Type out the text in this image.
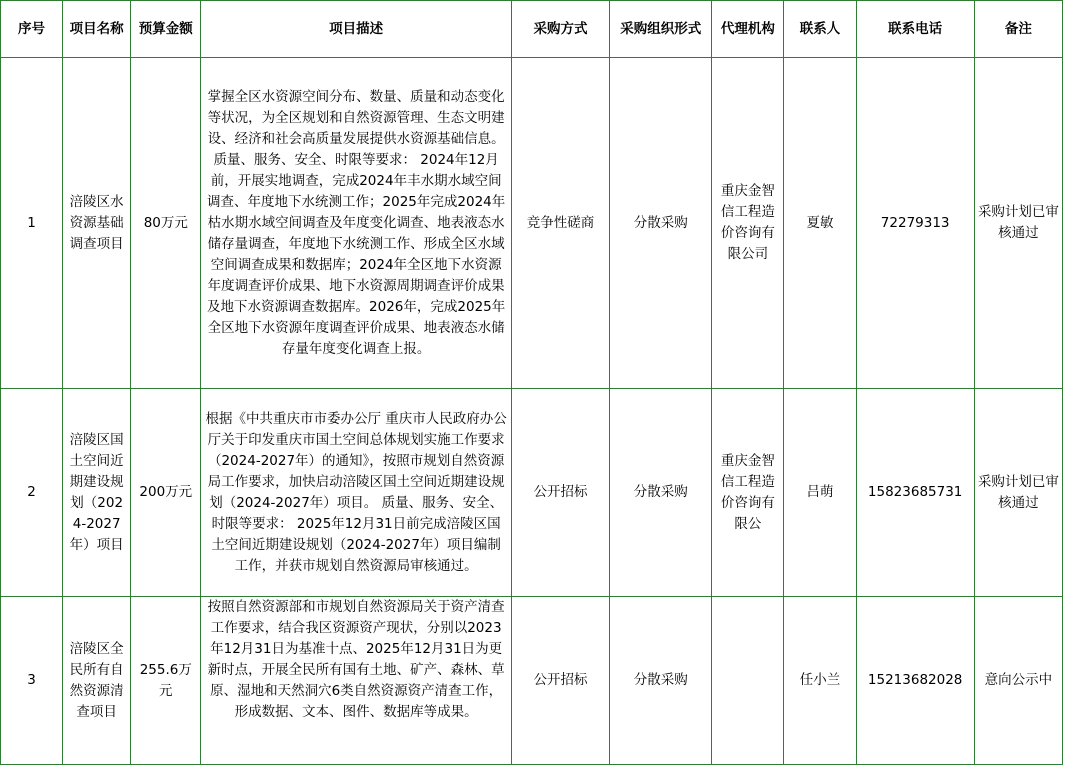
序号	项目名称	预算金额	项目描述	采购方式	采购组织形式	代理机构	联系人	联系电话	备注
1	涪陵区水资源基础调查项目	80万元	掌握全区水资源空间分布、数量、质量和动态变化等状况，为全区规划和自然资源管理、生态文明建设、经济和社会高质量发展提供水资源基础信息。 质量、服务、安全、时限等要求： 2024年12月前，开展实地调查，完成2024年丰水期水域空间调查、年度地下水统测工作；2025年完成2024年枯水期水域空间调查及年度变化调查、地表液态水储存量调查，年度地下水统测工作、形成全区水域空间调查成果和数据库；2024年全区地下水资源年度调查评价成果、地下水资源周期调查评价成果及地下水资源调查数据库。2026年，完成2025年全区地下水资源年度调查评价成果、地表液态水储存量年度变化调查上报。	竞争性磋商	分散采购	重庆金智信工程造价咨询有限公司	夏敏	72279313	采购计划已审核通过
2	涪陵区国土空间近期建设规划（2024-2027年）项目	200万元	根据《中共重庆市市委办公厅 重庆市人民政府办公厅关于印发重庆市国土空间总体规划实施工作要求（2024-2027年）的通知》，按照市规划自然资源局工作要求，加快启动涪陵区国土空间近期建设规划（2024-2027年）项目。 质量、服务、安全、时限等要求： 2025年12月31日前完成涪陵区国土空间近期建设规划（2024-2027年）项目编制工作，并获市规划自然资源局审核通过。	公开招标	分散采购	重庆金智信工程造价咨询有限公	吕萌	15823685731	采购计划已审核通过
3	涪陵区全民所有自然资源清查项目	255.6万元	按照自然资源部和市规划自然资源局关于资产清查工作要求，结合我区资源资产现状，分别以2023年12月31日为基准十点、2025年12月31日为更新时点，开展全民所有国有土地、矿产、森林、草原、湿地和天然洞穴6类自然资源资产清查工作，形成数据、文本、图件、数据库等成果。	公开招标	分散采购		任小兰	15213682028	意向公示中
